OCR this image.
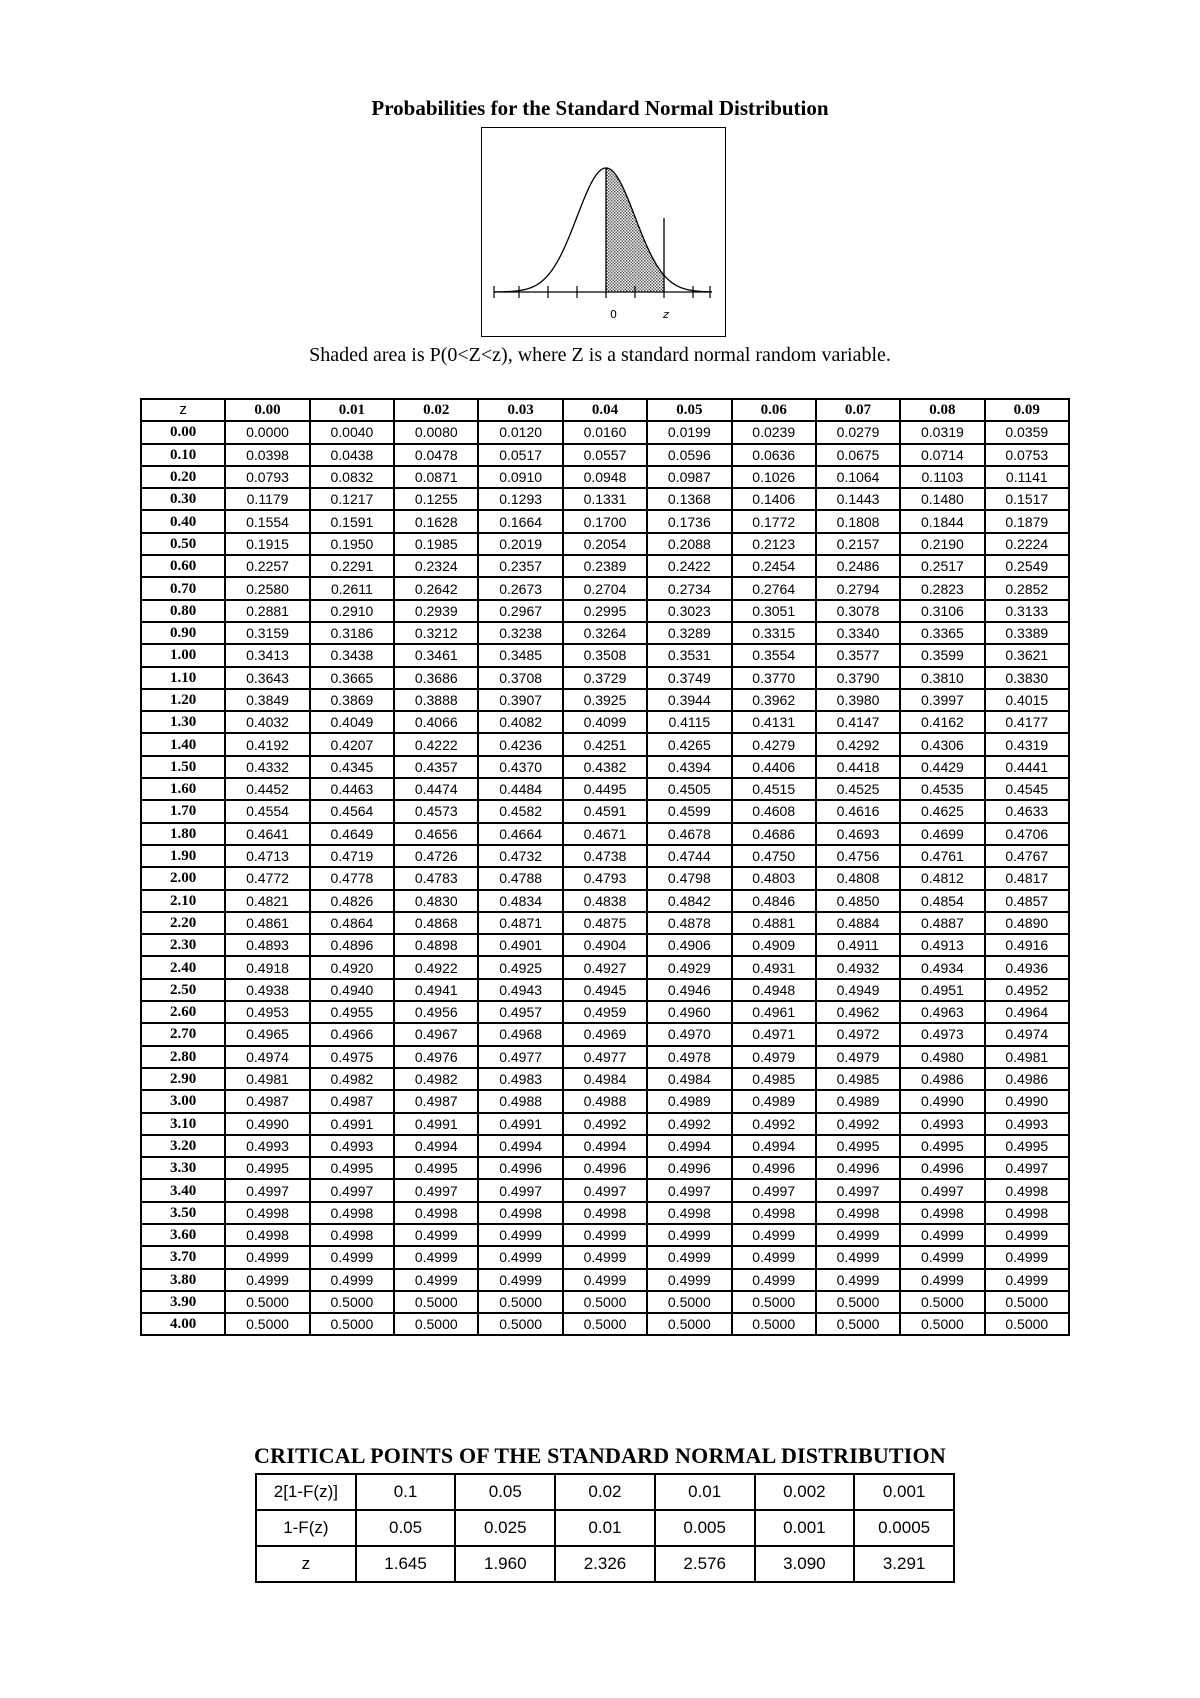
Probabilities for the Standard Normal Distribution
0	z
Shaded area is P(0<Z<z), where Z is a standard normal random variable.
z	0.00	0.01	0.02	0.03	0.04	0.05	0.06	0.07	0.08	0.09
0.00	0.0000	0.0040	0.0080	0.0120	0.0160	0.0199	0.0239	0.0279	0.0319	0.0359
0.10	0.0398	0.0438	0.0478	0.0517	0.0557	0.0596	0.0636	0.0675	0.0714	0.0753
0.20	0.0793	0.0832	0.0871	0.0910	0.0948	0.0987	0.1026	0.1064	0.1103	0.1141
0.30	0.1179	0.1217	0.1255	0.1293	0.1331	0.1368	0.1406	0.1443	0.1480	0.1517
0.40	0.1554	0.1591	0.1628	0.1664	0.1700	0.1736	0.1772	0.1808	0.1844	0.1879
0.50	0.1915	0.1950	0.1985	0.2019	0.2054	0.2088	0.2123	0.2157	0.2190	0.2224
0.60	0.2257	0.2291	0.2324	0.2357	0.2389	0.2422	0.2454	0.2486	0.2517	0.2549
0.70	0.2580	0.2611	0.2642	0.2673	0.2704	0.2734	0.2764	0.2794	0.2823	0.2852
0.80	0.2881	0.2910	0.2939	0.2967	0.2995	0.3023	0.3051	0.3078	0.3106	0.3133
0.90	0.3159	0.3186	0.3212	0.3238	0.3264	0.3289	0.3315	0.3340	0.3365	0.3389
1.00	0.3413	0.3438	0.3461	0.3485	0.3508	0.3531	0.3554	0.3577	0.3599	0.3621
1.10	0.3643	0.3665	0.3686	0.3708	0.3729	0.3749	0.3770	0.3790	0.3810	0.3830
1.20	0.3849	0.3869	0.3888	0.3907	0.3925	0.3944	0.3962	0.3980	0.3997	0.4015
1.30	0.4032	0.4049	0.4066	0.4082	0.4099	0.4115	0.4131	0.4147	0.4162	0.4177
1.40	0.4192	0.4207	0.4222	0.4236	0.4251	0.4265	0.4279	0.4292	0.4306	0.4319
1.50	0.4332	0.4345	0.4357	0.4370	0.4382	0.4394	0.4406	0.4418	0.4429	0.4441
1.60	0.4452	0.4463	0.4474	0.4484	0.4495	0.4505	0.4515	0.4525	0.4535	0.4545
1.70	0.4554	0.4564	0.4573	0.4582	0.4591	0.4599	0.4608	0.4616	0.4625	0.4633
1.80	0.4641	0.4649	0.4656	0.4664	0.4671	0.4678	0.4686	0.4693	0.4699	0.4706
1.90	0.4713	0.4719	0.4726	0.4732	0.4738	0.4744	0.4750	0.4756	0.4761	0.4767
2.00	0.4772	0.4778	0.4783	0.4788	0.4793	0.4798	0.4803	0.4808	0.4812	0.4817
2.10	0.4821	0.4826	0.4830	0.4834	0.4838	0.4842	0.4846	0.4850	0.4854	0.4857
2.20	0.4861	0.4864	0.4868	0.4871	0.4875	0.4878	0.4881	0.4884	0.4887	0.4890
2.30	0.4893	0.4896	0.4898	0.4901	0.4904	0.4906	0.4909	0.4911	0.4913	0.4916
2.40	0.4918	0.4920	0.4922	0.4925	0.4927	0.4929	0.4931	0.4932	0.4934	0.4936
2.50	0.4938	0.4940	0.4941	0.4943	0.4945	0.4946	0.4948	0.4949	0.4951	0.4952
2.60	0.4953	0.4955	0.4956	0.4957	0.4959	0.4960	0.4961	0.4962	0.4963	0.4964
2.70	0.4965	0.4966	0.4967	0.4968	0.4969	0.4970	0.4971	0.4972	0.4973	0.4974
2.80	0.4974	0.4975	0.4976	0.4977	0.4977	0.4978	0.4979	0.4979	0.4980	0.4981
2.90	0.4981	0.4982	0.4982	0.4983	0.4984	0.4984	0.4985	0.4985	0.4986	0.4986
3.00	0.4987	0.4987	0.4987	0.4988	0.4988	0.4989	0.4989	0.4989	0.4990	0.4990
3.10	0.4990	0.4991	0.4991	0.4991	0.4992	0.4992	0.4992	0.4992	0.4993	0.4993
3.20	0.4993	0.4993	0.4994	0.4994	0.4994	0.4994	0.4994	0.4995	0.4995	0.4995
3.30	0.4995	0.4995	0.4995	0.4996	0.4996	0.4996	0.4996	0.4996	0.4996	0.4997
3.40	0.4997	0.4997	0.4997	0.4997	0.4997	0.4997	0.4997	0.4997	0.4997	0.4998
3.50	0.4998	0.4998	0.4998	0.4998	0.4998	0.4998	0.4998	0.4998	0.4998	0.4998
3.60	0.4998	0.4998	0.4999	0.4999	0.4999	0.4999	0.4999	0.4999	0.4999	0.4999
3.70	0.4999	0.4999	0.4999	0.4999	0.4999	0.4999	0.4999	0.4999	0.4999	0.4999
3.80	0.4999	0.4999	0.4999	0.4999	0.4999	0.4999	0.4999	0.4999	0.4999	0.4999
3.90	0.5000	0.5000	0.5000	0.5000	0.5000	0.5000	0.5000	0.5000	0.5000	0.5000
4.00	0.5000	0.5000	0.5000	0.5000	0.5000	0.5000	0.5000	0.5000	0.5000	0.5000
CRITICAL POINTS OF THE STANDARD NORMAL DISTRIBUTION
2[1-F(z)]	0.1	0.05	0.02	0.01	0.002	0.001
1-F(z)	0.05	0.025	0.01	0.005	0.001	0.0005
z	1.645	1.960	2.326	2.576	3.090	3.291
